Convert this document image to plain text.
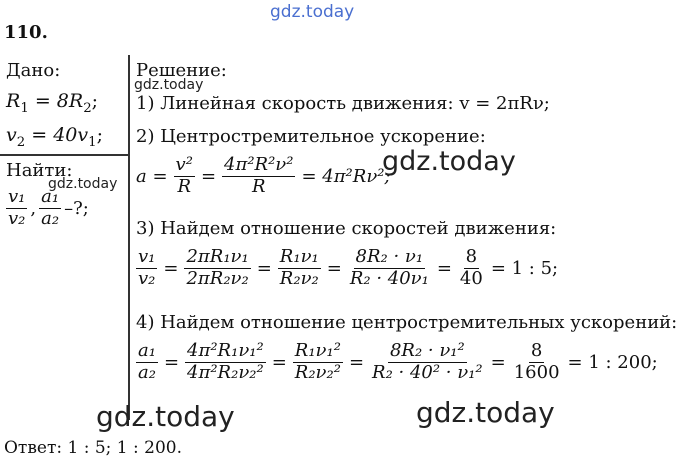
gdz.today
110.
Дано:
$R_1 = 8R_2$;
$v_2 = 40v_1$;
Найти:
$\frac{\text{v₁}}{\text{v₂}}$ , $\frac{\text{a₁}}{\text{a₂}}$ –?;
gdz.today
Решение:
gdz.today
1) Линейная скорость движения: v = 2πRν;
2) Центростремительное ускорение:
$a = \frac{\text{v²}}{R} = \frac{\text{4π²R²ν²}}{R} = 4\pi^2R\nu^2$;
gdz.today
3) Найдем отношение скоростей движения:
$\frac{\text{v₁}}{\text{v₂}} = \frac{\text{2πR₁ν₁}}{\text{2πR₂ν₂}} = \frac{\text{R₁ν₁}}{\text{R₂ν₂}} = \frac{\text{8R₂ · ν₁}}{\text{R₂ · 40ν₁}} = \frac{8}{40} = 1$ : 5;
4) Найдем отношение центростремительных ускорений:
$\frac{\text{a₁}}{\text{a₂}} = \frac{\text{4π²R₁ν₁²}}{\text{4π²R₂ν₂²}} = \frac{\text{R₁ν₁²}}{\text{R₂ν₂²}} = \frac{\text{8R₂ · ν₁²}}{\text{R₂ · 40² · ν₁²}} = \frac{8}{1600} = 1$ : 200;
gdz.today	gdz.today
Ответ: 1 : 5; 1 : 200.
